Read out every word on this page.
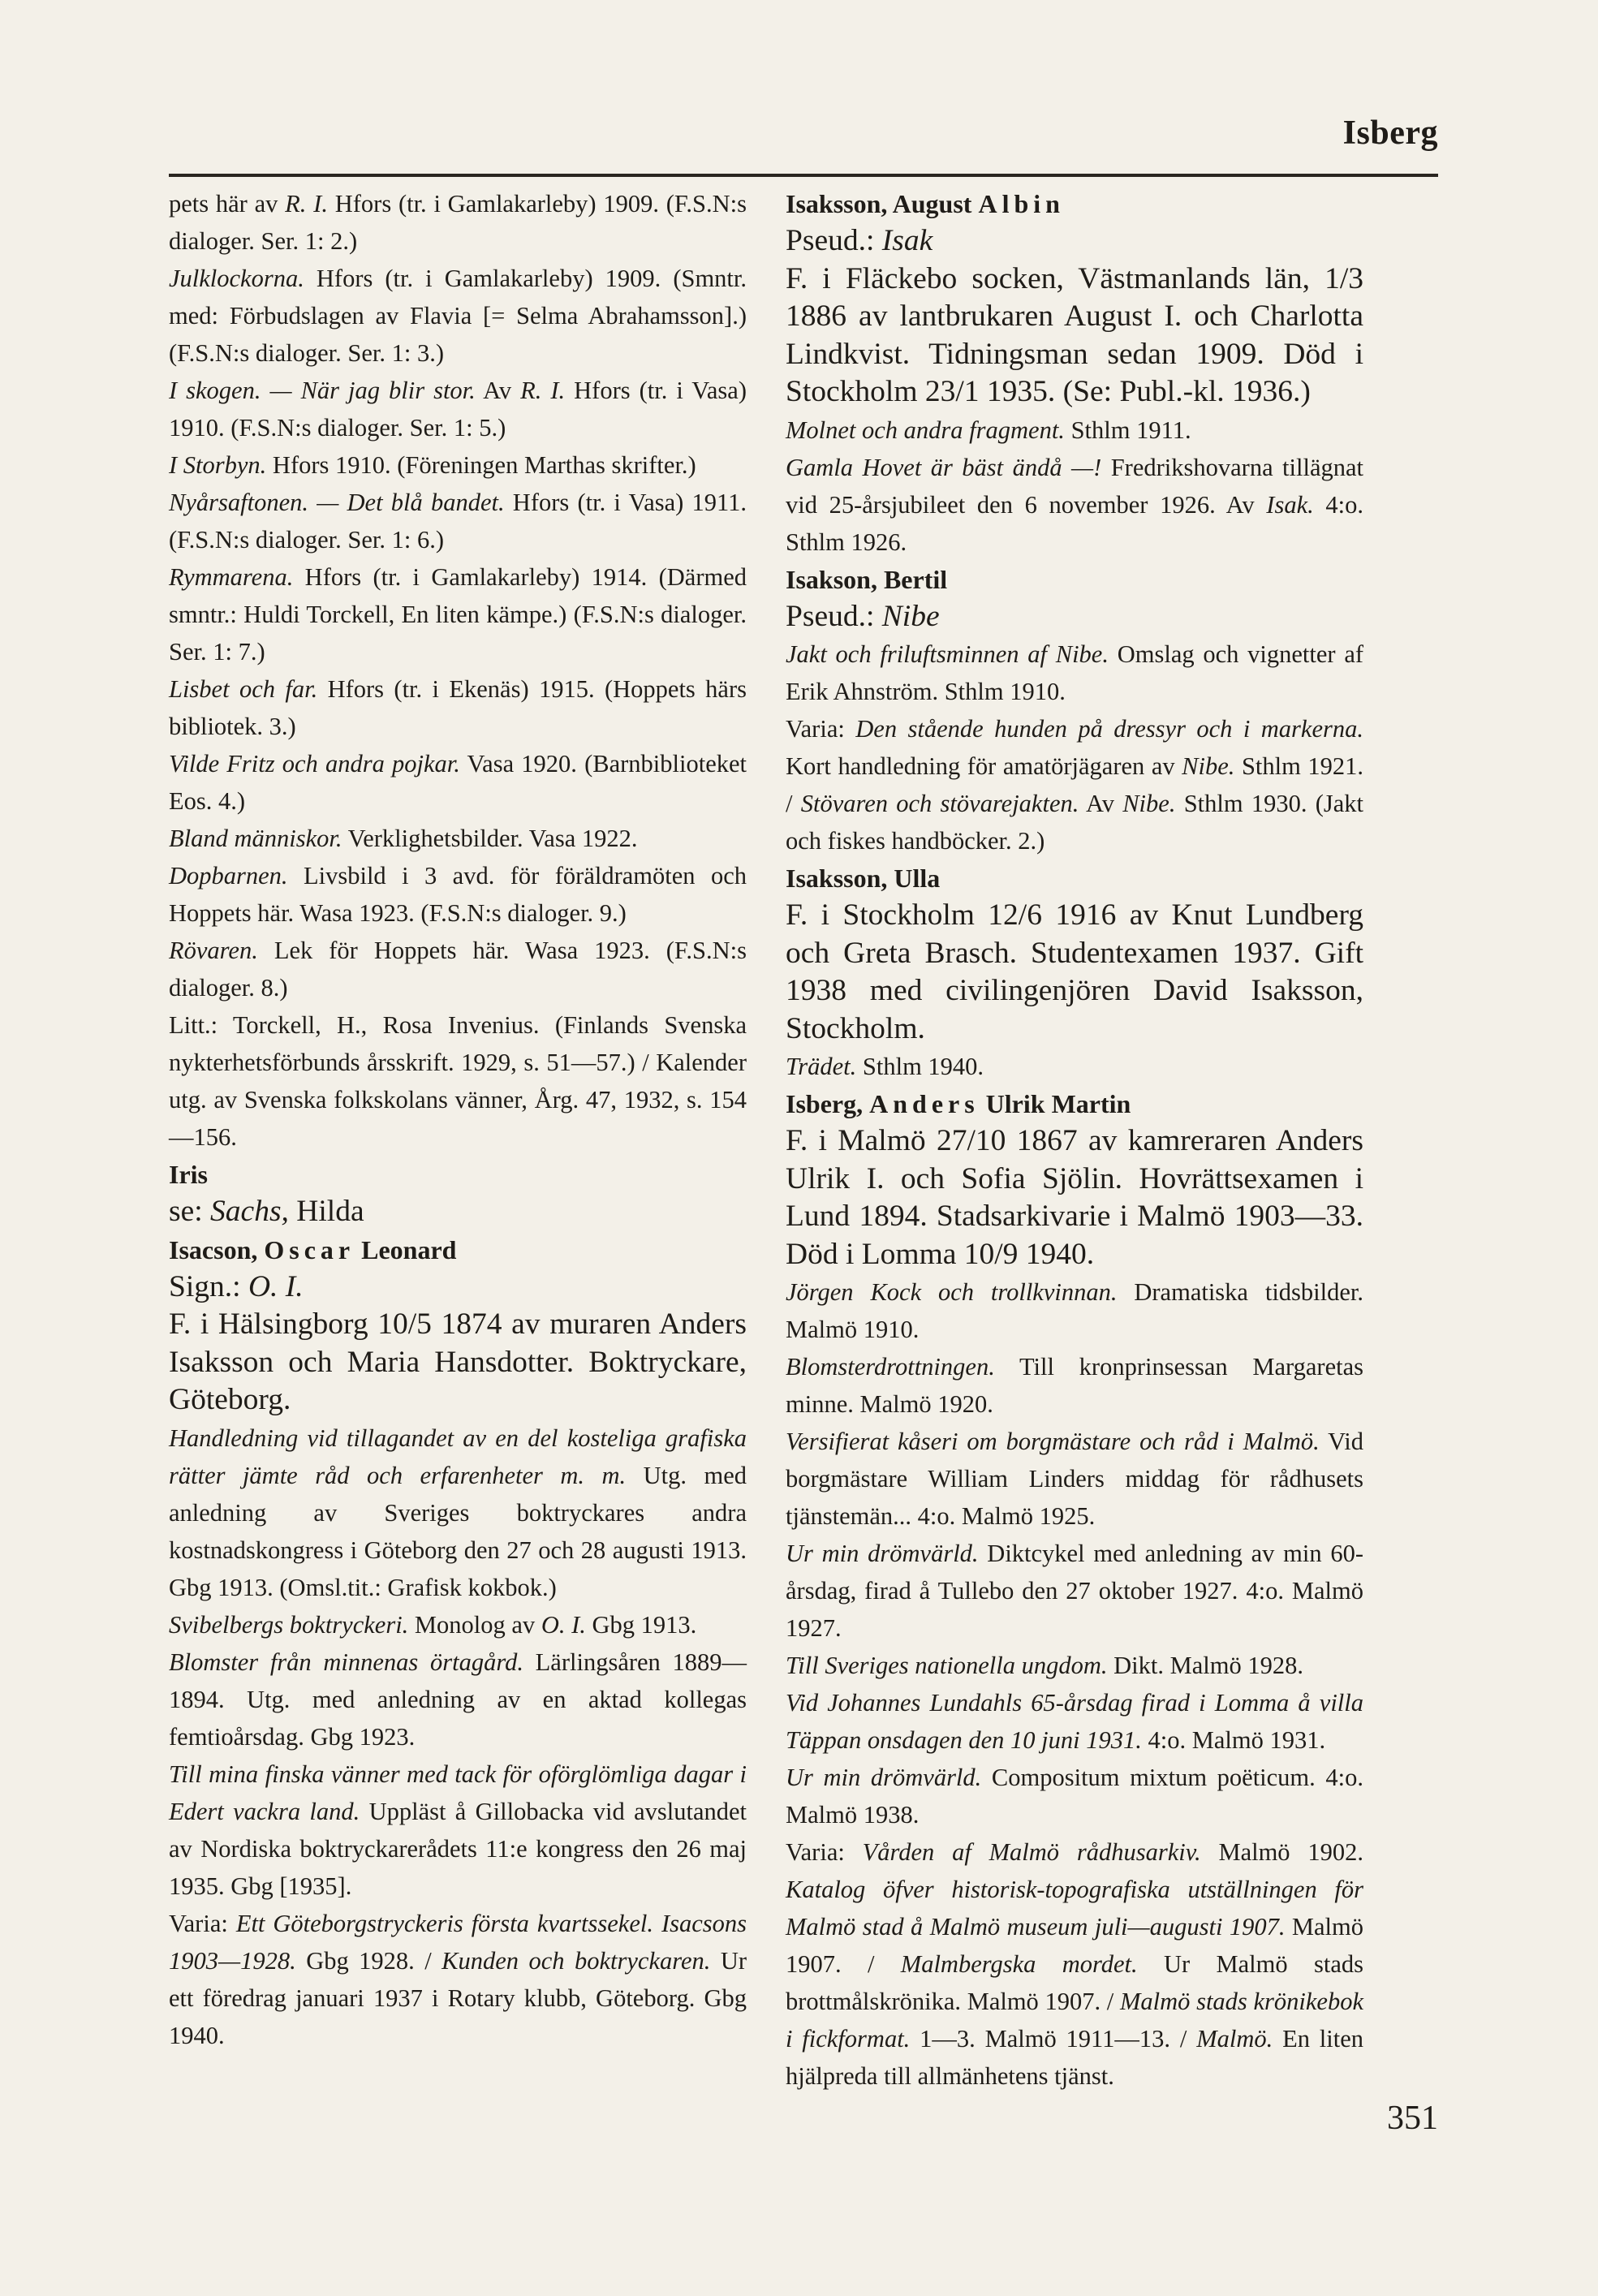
Isberg

pets här av R. I. Hfors (tr. i Gamlakarleby) 1909. (F.S.N:s dialoger. Ser. 1: 2.)

Julklockorna. Hfors (tr. i Gamlakarleby) 1909. (Smntr. med: Förbudslagen av Flavia [= Selma Abrahamsson].) (F.S.N:s dialoger. Ser. 1: 3.)

I skogen. — När jag blir stor. Av R. I. Hfors (tr. i Vasa) 1910. (F.S.N:s dialoger. Ser. 1: 5.)

I Storbyn. Hfors 1910. (Föreningen Marthas skrifter.)

Nyårsaftonen. — Det blå bandet. Hfors (tr. i Vasa) 1911. (F.S.N:s dialoger. Ser. 1: 6.)

Rymmarena. Hfors (tr. i Gamlakarleby) 1914. (Därmed smntr.: Huldi Torckell, En liten kämpe.) (F.S.N:s dialoger. Ser. 1: 7.)

Lisbet och far. Hfors (tr. i Ekenäs) 1915. (Hoppets härs bibliotek. 3.)

Vilde Fritz och andra pojkar. Vasa 1920. (Barnbiblioteket Eos. 4.)

Bland människor. Verklighetsbilder. Vasa 1922.

Dopbarnen. Livsbild i 3 avd. för föräldramöten och Hoppets här. Wasa 1923. (F.S.N:s dialoger. 9.)

Rövaren. Lek för Hoppets här. Wasa 1923. (F.S.N:s dialoger. 8.)

Litt.: Torckell, H., Rosa Invenius. (Finlands Svenska nykterhetsförbunds årsskrift. 1929, s. 51—57.) / Kalender utg. av Svenska folkskolans vänner, Årg. 47, 1932, s. 154—156.

Iris

se: Sachs, Hilda

Isacson, Oscar Leonard

Sign.: O. I.

F. i Hälsingborg 10/5 1874 av muraren Anders Isaksson och Maria Hansdotter. Boktryckare, Göteborg.

Handledning vid tillagandet av en del kosteliga grafiska rätter jämte råd och erfarenheter m. m. Utg. med anledning av Sveriges boktryckares andra kostnadskongress i Göteborg den 27 och 28 augusti 1913. Gbg 1913. (Omsl.tit.: Grafisk kokbok.)

Svibelbergs boktryckeri. Monolog av O. I. Gbg 1913.

Blomster från minnenas örtagård. Lärlingsåren 1889—1894. Utg. med anledning av en aktad kollegas femtioårsdag. Gbg 1923.

Till mina finska vänner med tack för oförglömliga dagar i Edert vackra land. Uppläst å Gillobacka vid avslutandet av Nordiska boktryckarerådets 11:e kongress den 26 maj 1935. Gbg [1935].

Varia: Ett Göteborgstryckeris första kvartssekel. Isacsons 1903—1928. Gbg 1928. / Kunden och boktryckaren. Ur ett föredrag januari 1937 i Rotary klubb, Göteborg. Gbg 1940.

Isaksson, August Albin

Pseud.: Isak

F. i Fläckebo socken, Västmanlands län, 1/3 1886 av lantbrukaren August I. och Charlotta Lindkvist. Tidningsman sedan 1909. Död i Stockholm 23/1 1935. (Se: Publ.-kl. 1936.)

Molnet och andra fragment. Sthlm 1911.

Gamla Hovet är bäst ändå —! Fredrikshovarna tillägnat vid 25-årsjubileet den 6 november 1926. Av Isak. 4:o. Sthlm 1926.

Isakson, Bertil

Pseud.: Nibe

Jakt och friluftsminnen af Nibe. Omslag och vignetter af Erik Ahnström. Sthlm 1910.

Varia: Den stående hunden på dressyr och i markerna. Kort handledning för amatörjägaren av Nibe. Sthlm 1921. / Stövaren och stövarejakten. Av Nibe. Sthlm 1930. (Jakt och fiskes handböcker. 2.)

Isaksson, Ulla

F. i Stockholm 12/6 1916 av Knut Lundberg och Greta Brasch. Studentexamen 1937. Gift 1938 med civilingenjören David Isaksson, Stockholm.

Trädet. Sthlm 1940.

Isberg, Anders Ulrik Martin

F. i Malmö 27/10 1867 av kamreraren Anders Ulrik I. och Sofia Sjölin. Hovrättsexamen i Lund 1894. Stadsarkivarie i Malmö 1903—33. Död i Lomma 10/9 1940.

Jörgen Kock och trollkvinnan. Dramatiska tidsbilder. Malmö 1910.

Blomsterdrottningen. Till kronprinsessan Margaretas minne. Malmö 1920.

Versifierat kåseri om borgmästare och råd i Malmö. Vid borgmästare William Linders middag för rådhusets tjänstemän... 4:o. Malmö 1925.

Ur min drömvärld. Diktcykel med anledning av min 60-årsdag, firad å Tullebo den 27 oktober 1927. 4:o. Malmö 1927.

Till Sveriges nationella ungdom. Dikt. Malmö 1928.

Vid Johannes Lundahls 65-årsdag firad i Lomma å villa Täppan onsdagen den 10 juni 1931. 4:o. Malmö 1931.

Ur min drömvärld. Compositum mixtum poëticum. 4:o. Malmö 1938.

Varia: Vården af Malmö rådhusarkiv. Malmö 1902. Katalog öfver historisk-topografiska utställningen för Malmö stad å Malmö museum juli—augusti 1907. Malmö 1907. / Malmbergska mordet. Ur Malmö stads brottmålskrönika. Malmö 1907. / Malmö stads krönikebok i fickformat. 1—3. Malmö 1911—13. / Malmö. En liten hjälpreda till allmänhetens tjänst.

351
